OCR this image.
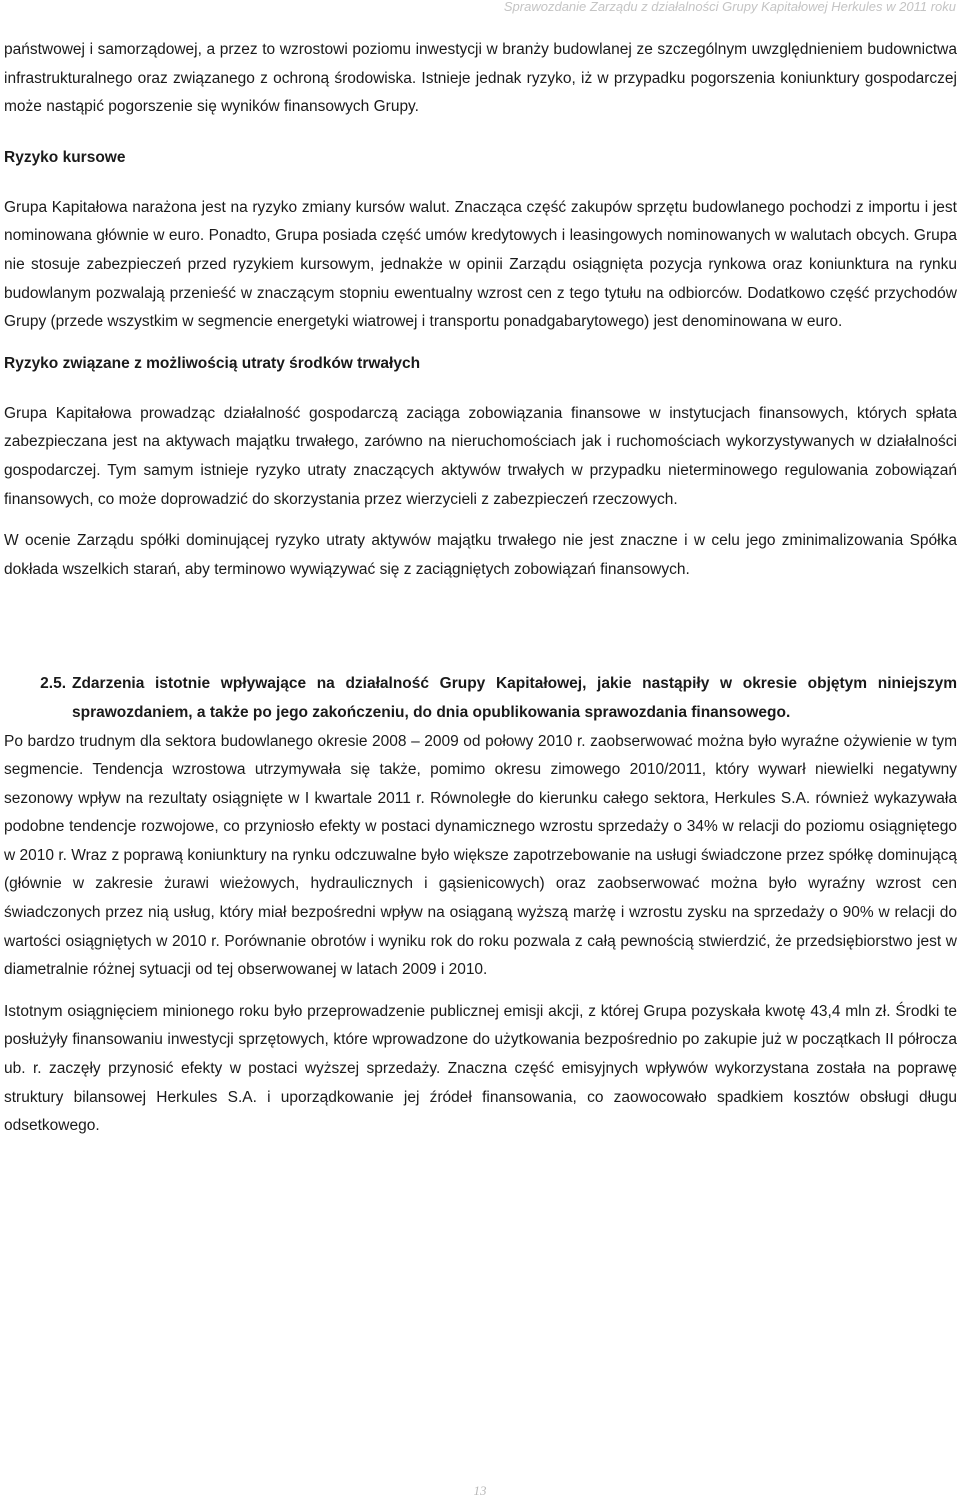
Sprawozdanie Zarządu z działalności Grupy Kapitałowej Herkules w 2011 roku

państwowej i samorządowej, a przez to wzrostowi poziomu inwestycji w branży budowlanej ze szczególnym uwzględnieniem budownictwa infrastrukturalnego oraz związanego z ochroną środowiska. Istnieje jednak ryzyko, iż w przypadku pogorszenia koniunktury gospodarczej może nastąpić pogorszenie się wyników finansowych Grupy.

Ryzyko kursowe

Grupa Kapitałowa narażona jest na ryzyko zmiany kursów walut. Znacząca część zakupów sprzętu budowlanego pochodzi z importu i jest nominowana głównie w euro. Ponadto, Grupa posiada część umów kredytowych i leasingowych nominowanych w walutach obcych. Grupa nie stosuje zabezpieczeń przed ryzykiem kursowym, jednakże w opinii Zarządu osiągnięta pozycja rynkowa oraz koniunktura na rynku budowlanym pozwalają przenieść w znaczącym stopniu ewentualny wzrost cen z tego tytułu na odbiorców. Dodatkowo część przychodów Grupy (przede wszystkim w segmencie energetyki wiatrowej i transportu ponadgabarytowego) jest denominowana w euro.

Ryzyko związane z możliwością utraty środków trwałych

Grupa Kapitałowa prowadząc działalność gospodarczą zaciąga zobowiązania finansowe w instytucjach finansowych, których spłata zabezpieczana jest na aktywach majątku trwałego, zarówno na nieruchomościach jak i ruchomościach wykorzystywanych w działalności gospodarczej. Tym samym istnieje ryzyko utraty znaczących aktywów trwałych w przypadku nieterminowego regulowania zobowiązań finansowych, co może doprowadzić do skorzystania przez wierzycieli z zabezpieczeń rzeczowych.

W ocenie Zarządu spółki dominującej ryzyko utraty aktywów majątku trwałego nie jest znaczne i w celu jego zminimalizowania Spółka dokłada wszelkich starań, aby terminowo wywiązywać się z zaciągniętych zobowiązań finansowych.

2.5. Zdarzenia istotnie wpływające na działalność Grupy Kapitałowej, jakie nastąpiły w okresie objętym niniejszym sprawozdaniem, a także po jego zakończeniu, do dnia opublikowania sprawozdania finansowego.

Po bardzo trudnym dla sektora budowlanego okresie 2008 – 2009 od połowy 2010 r. zaobserwować można było wyraźne ożywienie w tym segmencie. Tendencja wzrostowa utrzymywała się także, pomimo okresu zimowego 2010/2011, który wywarł niewielki negatywny sezonowy wpływ na rezultaty osiągnięte w I kwartale 2011 r. Równoległe do kierunku całego sektora, Herkules S.A. również wykazywała podobne tendencje rozwojowe, co przyniosło efekty w postaci dynamicznego wzrostu sprzedaży o 34% w relacji do poziomu osiągniętego w 2010 r. Wraz z poprawą koniunktury na rynku odczuwalne było większe zapotrzebowanie na usługi świadczone przez spółkę dominującą (głównie w zakresie żurawi wieżowych, hydraulicznych i gąsienicowych) oraz zaobserwować można było wyraźny wzrost cen świadczonych przez nią usług, który miał bezpośredni wpływ na osiąganą wyższą marżę i wzrostu zysku na sprzedaży o 90% w relacji do wartości osiągniętych w 2010 r. Porównanie obrotów i wyniku rok do roku pozwala z całą pewnością stwierdzić, że przedsiębiorstwo jest w diametralnie różnej sytuacji od tej obserwowanej w latach 2009 i 2010.

Istotnym osiągnięciem minionego roku było przeprowadzenie publicznej emisji akcji, z której Grupa pozyskała kwotę 43,4 mln zł. Środki te posłużyły finansowaniu inwestycji sprzętowych, które wprowadzone do użytkowania bezpośrednio po zakupie już w początkach II półrocza ub. r. zaczęły przynosić efekty w postaci wyższej sprzedaży. Znaczna część emisyjnych wpływów wykorzystana została na poprawę struktury bilansowej Herkules S.A. i uporządkowanie jej źródeł finansowania, co zaowocowało spadkiem kosztów obsługi długu odsetkowego.

13
